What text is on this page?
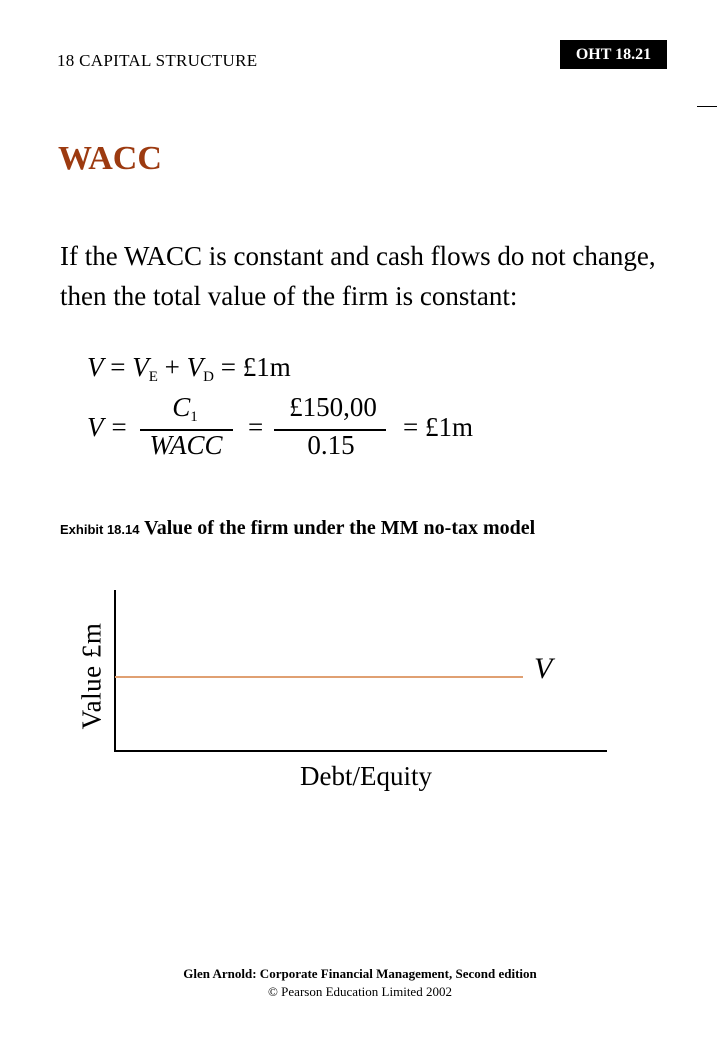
18 CAPITAL STRUCTURE	OHT 18.21
WACC
If the WACC is constant and cash flows do not change, then the total value of the firm is constant:
$V = V_E + V_D$ = £1m
V =
$C_1$
WACC
=
£150,00
0.15
= £1m
Exhibit 18.14 Value of the firm under the MM no-tax model
V
Value £m
Debt/Equity
Glen Arnold: Corporate Financial Management, Second edition
© Pearson Education Limited 2002
